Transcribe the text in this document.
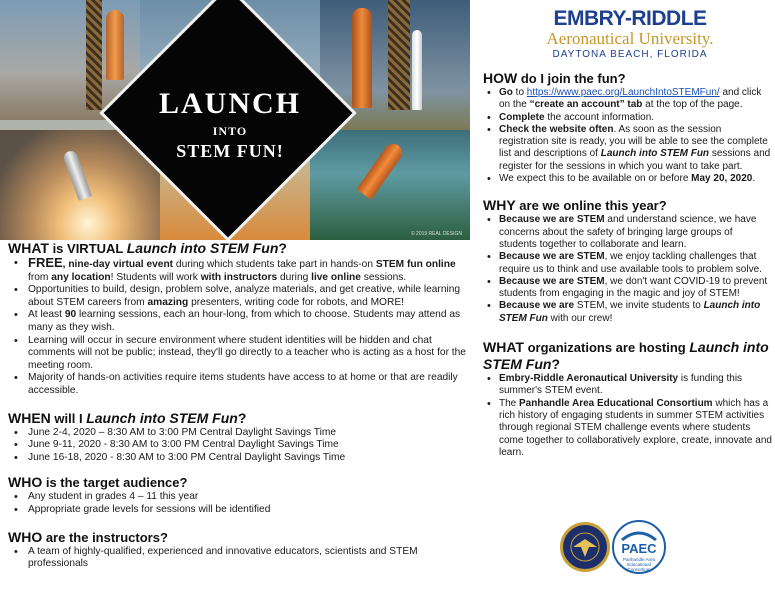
LAUNCH
INTO
STEM FUN!
© 2019 REAL DESIGN
EMBRY-RIDDLE
Aeronautical University.
DAYTONA BEACH, FLORIDA
WHAT is VIRTUAL Launch into STEM Fun?
• FREE, nine-day virtual event during which students take part in hands-on STEM fun online from any location! Students will work with instructors during live online sessions.
• Opportunities to build, design, problem solve, analyze materials, and get creative, while learning about STEM careers from amazing presenters, writing code for robots, and MORE!
• At least 90 learning sessions, each an hour-long, from which to choose. Students may attend as many as they wish.
• Learning will occur in secure environment where student identities will be hidden and chat comments will not be public; instead, they'll go directly to a teacher who is acting as a host for the meeting room.
• Majority of hands-on activities require items students have access to at home or that are readily accessible.
WHEN will I Launch into STEM Fun?
• June 2-4, 2020 – 8:30 AM to 3:00 PM Central Daylight Savings Time
• June 9-11, 2020 - 8:30 AM to 3:00 PM Central Daylight Savings Time
• June 16-18, 2020 - 8:30 AM to 3:00 PM Central Daylight Savings Time
WHO is the target audience?
• Any student in grades 4 – 11 this year
• Appropriate grade levels for sessions will be identified
WHO are the instructors?
• A team of highly-qualified, experienced and innovative educators, scientists and STEM professionals
HOW do I join the fun?
• Go to https://www.paec.org/LaunchIntoSTEMFun/ and click on the “create an account” tab at the top of the page.
• Complete the account information.
• Check the website often. As soon as the session registration site is ready, you will be able to see the complete list and descriptions of Launch into STEM Fun sessions and register for the sessions in which you want to take part.
• We expect this to be available on or before May 20, 2020.
WHY are we online this year?
• Because we are STEM and understand science, we have concerns about the safety of bringing large groups of students together to collaborate and learn.
• Because we are STEM, we enjoy tackling challenges that require us to think and use available tools to problem solve.
• Because we are STEM, we don't want COVID-19 to prevent students from engaging in the magic and joy of STEM!
• Because we are STEM, we invite students to Launch into STEM Fun with our crew!
WHAT organizations are hosting Launch into STEM Fun?
• Embry-Riddle Aeronautical University is funding this summer's STEM event.
• The Panhandle Area Educational Consortium which has a rich history of engaging students in summer STEM activities through regional STEM challenge events where students come together to collaboratively explore, create, innovate and learn.
PAEC
Panhandle Area Educational Consortium
